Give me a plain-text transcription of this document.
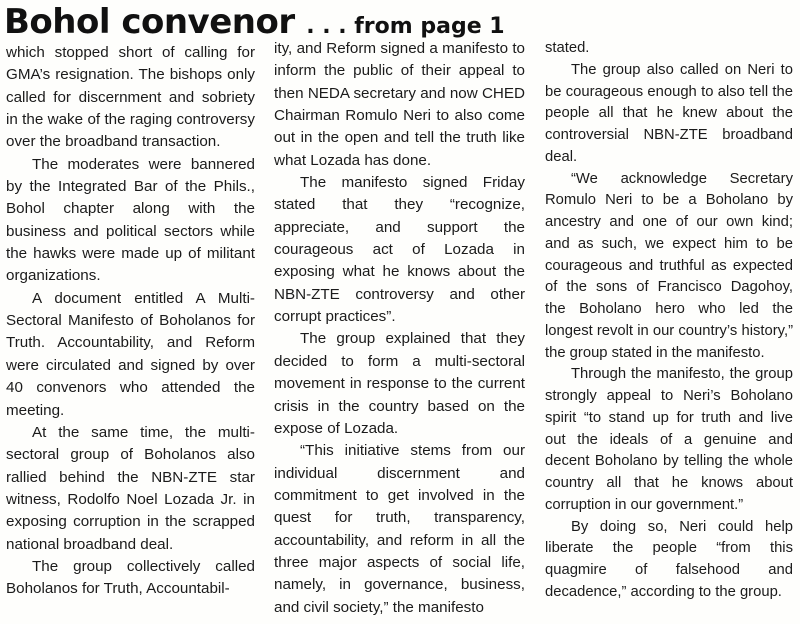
Bohol convenor . . . from page 1

which stopped short of calling for GMA’s resignation. The bishops only called for discernment and sobriety in the wake of the raging controversy over the broadband transaction.

The moderates were bannered by the Integrated Bar of the Phils., Bohol chapter along with the business and political sectors while the hawks were made up of militant organizations.

A document entitled A Multi-Sectoral Manifesto of Boholanos for Truth. Accountability, and Reform were circulated and signed by over 40 convenors who attended the meeting.

At the same time, the multi-sectoral group of Boholanos also rallied behind the NBN-ZTE star witness, Rodolfo Noel Lozada Jr. in exposing corruption in the scrapped national broadband deal.

The group collectively called Boholanos for Truth, Accountabil-

ity, and Reform signed a manifesto to inform the public of their appeal to then NEDA secretary and now CHED Chairman Romulo Neri to also come out in the open and tell the truth like what Lozada has done.

The manifesto signed Friday stated that they “recognize, appreciate, and support the courageous act of Lozada in exposing what he knows about the NBN-ZTE controversy and other corrupt practices”.

The group explained that they decided to form a multi-sectoral movement in response to the current crisis in the country based on the expose of Lozada.

“This initiative stems from our individual discernment and commitment to get involved in the quest for truth, transparency, accountability, and reform in all the three major aspects of social life, namely, in governance, business, and civil society,” the manifesto

stated.

The group also called on Neri to be courageous enough to also tell the people all that he knew about the controversial NBN-ZTE broadband deal.

“We acknowledge Secretary Romulo Neri to be a Boholano by ancestry and one of our own kind; and as such, we expect him to be courageous and truthful as expected of the sons of Francisco Dagohoy, the Boholano hero who led the longest revolt in our country’s history,” the group stated in the manifesto.

Through the manifesto, the group strongly appeal to Neri’s Boholano spirit “to stand up for truth and live out the ideals of a genuine and decent Boholano by telling the whole country all that he knows about corruption in our government.”

By doing so, Neri could help liberate the people “from this quagmire of falsehood and decadence,” according to the group.
